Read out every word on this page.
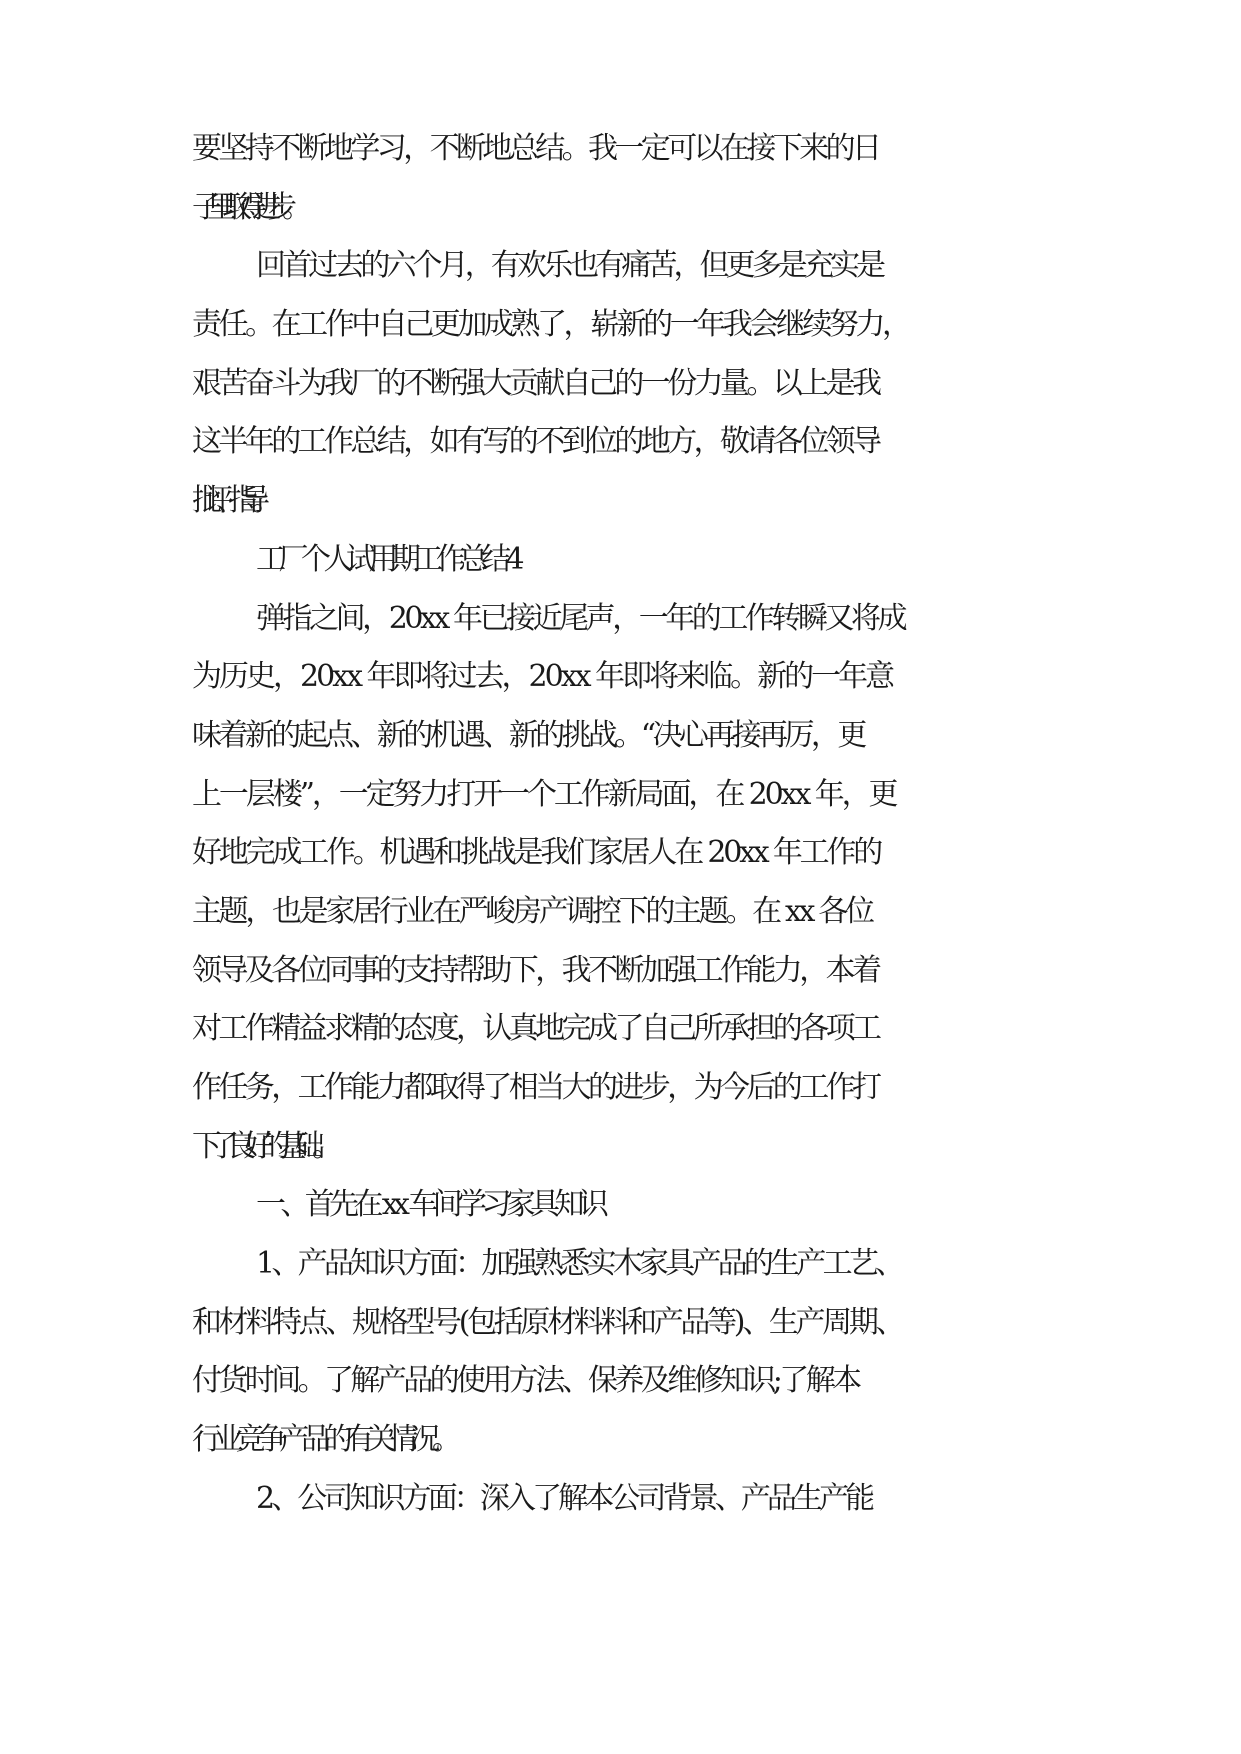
要坚持不断地学习，不断地总结。我一定可以在接下来的日
子里取得进步。
回首过去的六个月，有欢乐也有痛苦，但更多是充实是
责任。在工作中自己更加成熟了，崭新的一年我会继续努力，
艰苦奋斗为我厂的不断强大贡献自己的一份力量。以上是我
这半年的工作总结，如有写的不到位的地方，敬请各位领导
批评、指导。
工厂个人试用期工作总结 4
弹指之间，20xx 年已接近尾声，一年的工作转瞬又将成
为历史，20xx 年即将过去，20xx 年即将来临。新的一年意
味着新的起点、新的机遇、新的挑战。“决心再接再厉，更
上一层楼”，一定努力打开一个工作新局面，在 20xx 年，更
好地完成工作。机遇和挑战是我们家居人在 20xx 年工作的
主题，也是家居行业在严峻房产调控下的主题。在 xx 各位
领导及各位同事的支持帮助下，我不断加强工作能力，本着
对工作精益求精的态度，认真地完成了自己所承担的各项工
作任务，工作能力都取得了相当大的进步，为今后的工作打
下了良好的基础。
一、首先在 xx 车间学习家具知识
1、产品知识方面：加强熟悉实木家具产品的生产工艺、
和材料特点、规格型号(包括原材料料和产品等)、生产周期、
付货时间。了解产品的使用方法、保养及维修知识;了解本
行业竞争产品的有关情况。
2、公司知识方面：深入了解本公司背景、产品生产能
